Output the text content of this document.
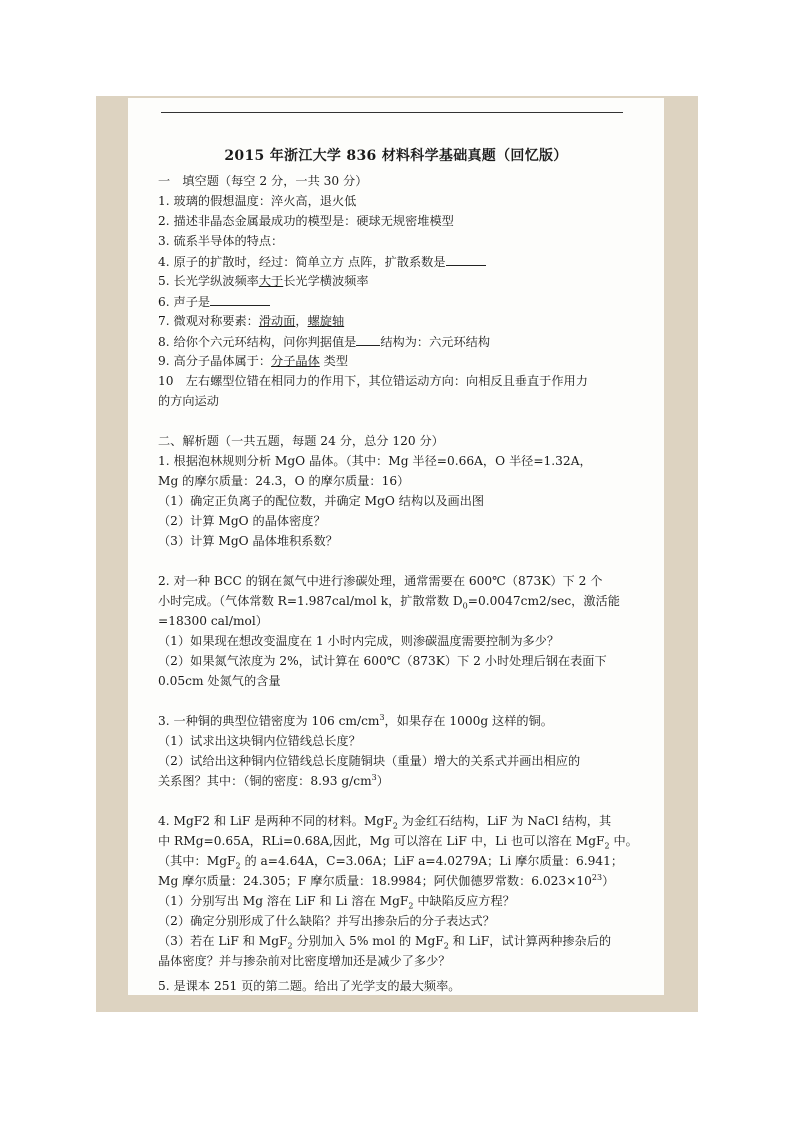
2015 年浙江大学 836 材料科学基础真题（回忆版）
一　填空题（每空 2 分，一共 30 分）
1. 玻璃的假想温度：淬火高，退火低
2. 描述非晶态金属最成功的模型是：硬球无规密堆模型
3. 硫系半导体的特点：
4. 原子的扩散时，经过：简单立方 点阵，扩散系数是
5. 长光学纵波频率大于长光学横波频率
6. 声子是
7. 微观对称要素：滑动面，螺旋轴
8. 给你个六元环结构，问你判据值是 结构为：六元环结构
9. 高分子晶体属于：分子晶体 类型
10　左右螺型位错在相同力的作用下，其位错运动方向：向相反且垂直于作用力
的方向运动
二、解析题（一共五题，每题 24 分，总分 120 分）
1. 根据泡林规则分析 MgO 晶体。（其中：Mg 半径=0.66A，O 半径=1.32A，
Mg 的摩尔质量：24.3，O 的摩尔质量：16）
（1）确定正负离子的配位数，并确定 MgO 结构以及画出图
（2）计算 MgO 的晶体密度？
（3）计算 MgO 晶体堆积系数？
2. 对一种 BCC 的钢在氮气中进行渗碳处理，通常需要在 600℃（873K）下 2 个
小时完成。（气体常数 R=1.987cal/mol k，扩散常数 $D_0=0.0047cm2/\sec$，激活能
=18300 cal/mol）
（1）如果现在想改变温度在 1 小时内完成，则渗碳温度需要控制为多少？
（2）如果氮气浓度为 2%，试计算在 600℃（873K）下 2 小时处理后钢在表面下
0.05cm 处氮气的含量
3. 一种铜的典型位错密度为 106 $cm/cm^3$，如果存在 1000g 这样的铜。
（1）试求出这块铜内位错线总长度？
（2）试给出这种铜内位错线总长度随铜块（重量）增大的关系式并画出相应的
关系图？其中：（铜的密度：8.93 $g/cm^3$）
4. MgF2 和 LiF 是两种不同的材料。MgF$_2$ 为金红石结构，LiF 为 NaCl 结构，其
中 RMg=0.65A，RLi=0.68A,因此，Mg 可以溶在 LiF 中，Li 也可以溶在 MgF$_2$ 中。
（其中：MgF$_2$ 的 a=4.64A，C=3.06A；LiF a=4.0279A；Li 摩尔质量：6.941；
Mg 摩尔质量：24.305；F 摩尔质量：18.9984；阿伏伽德罗常数：$6.023\times 10^{23}$）
（1）分别写出 Mg 溶在 LiF 和 Li 溶在 MgF$_2$ 中缺陷反应方程？
（2）确定分别形成了什么缺陷？并写出掺杂后的分子表达式？
（3）若在 LiF 和 MgF$_2$ 分别加入 5% mol 的 MgF$_2$ 和 LiF，试计算两种掺杂后的
晶体密度？并与掺杂前对比密度增加还是减少了多少？
5. 是课本 251 页的第二题。给出了光学支的最大频率。
